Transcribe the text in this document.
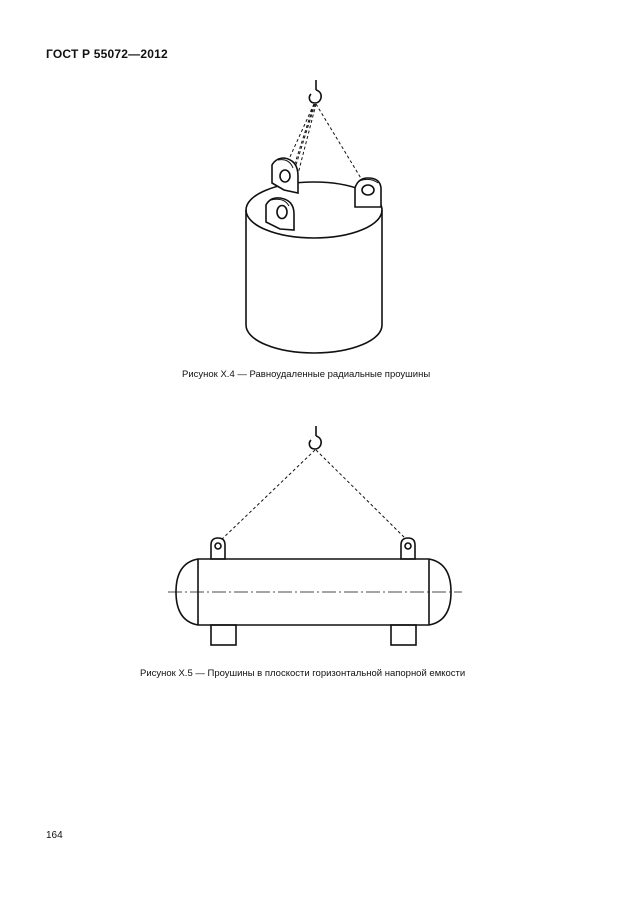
ГОСТ Р 55072—2012
Рисунок Х.4 — Равноудаленные радиальные проушины
Рисунок Х.5 — Проушины в плоскости горизонтальной напорной емкости
164
